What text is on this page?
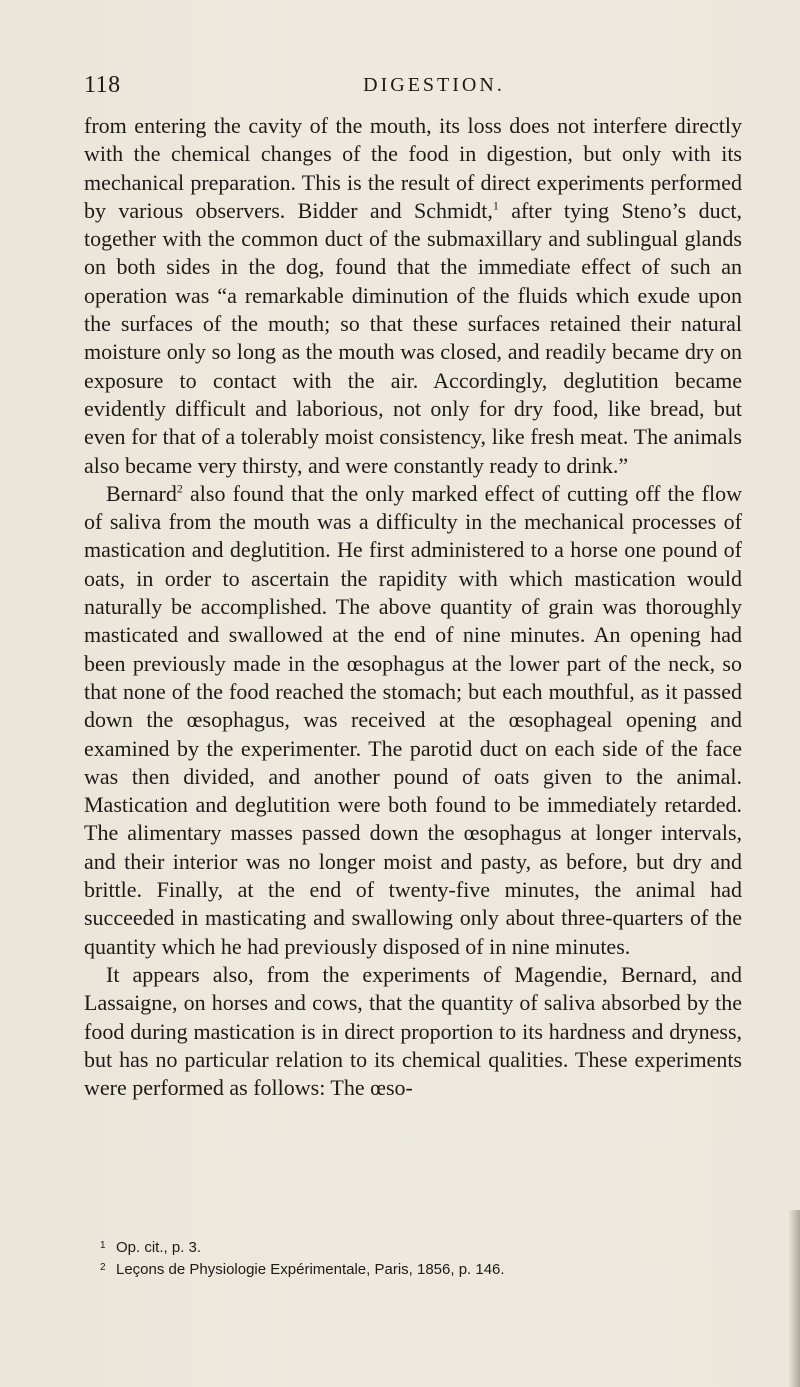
118	DIGESTION.

from entering the cavity of the mouth, its loss does not interfere directly with the chemical changes of the food in digestion, but only with its mechanical preparation. This is the result of direct experiments performed by various observers. Bidder and Schmidt,$^1$ after tying Steno’s duct, together with the common duct of the submaxillary and sublingual glands on both sides in the dog, found that the immediate effect of such an operation was “a remarkable diminution of the fluids which exude upon the surfaces of the mouth; so that these surfaces retained their natural moisture only so long as the mouth was closed, and readily became dry on exposure to contact with the air. Accordingly, deglutition became evidently difficult and laborious, not only for dry food, like bread, but even for that of a tolerably moist consistency, like fresh meat. The animals also became very thirsty, and were constantly ready to drink.”

Bernard$^2$ also found that the only marked effect of cutting off the flow of saliva from the mouth was a difficulty in the mechanical processes of mastication and deglutition. He first administered to a horse one pound of oats, in order to ascertain the rapidity with which mastication would naturally be accomplished. The above quantity of grain was thoroughly masticated and swallowed at the end of nine minutes. An opening had been previously made in the œsophagus at the lower part of the neck, so that none of the food reached the stomach; but each mouthful, as it passed down the œsophagus, was received at the œsophageal opening and examined by the experimenter. The parotid duct on each side of the face was then divided, and another pound of oats given to the animal. Mastication and deglutition were both found to be immediately retarded. The alimentary masses passed down the œsophagus at longer intervals, and their interior was no longer moist and pasty, as before, but dry and brittle. Finally, at the end of twenty-five minutes, the animal had succeeded in masticating and swallowing only about three-quarters of the quantity which he had previously disposed of in nine minutes.

It appears also, from the experiments of Magendie, Bernard, and Lassaigne, on horses and cows, that the quantity of saliva absorbed by the food during mastication is in direct proportion to its hardness and dryness, but has no particular relation to its chemical qualities. These experiments were performed as follows: The œso-

1 Op. cit., p. 3.

2 Leçons de Physiologie Expérimentale, Paris, 1856, p. 146.
